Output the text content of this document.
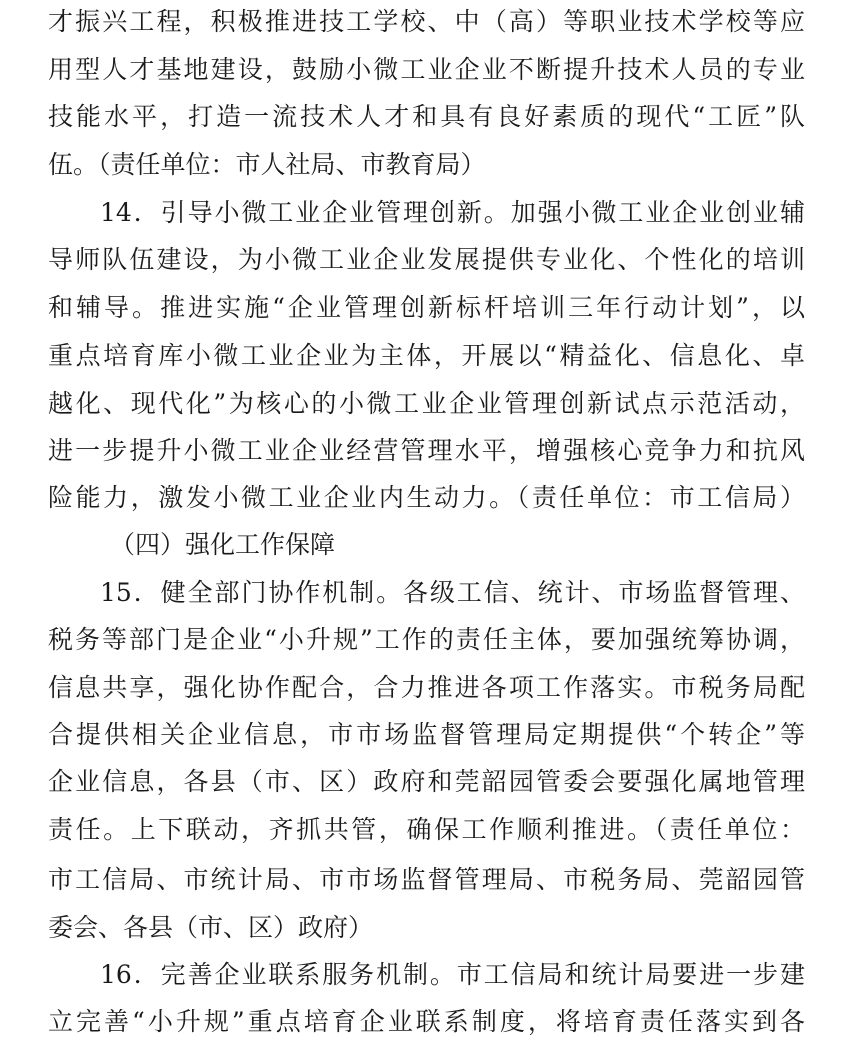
才振兴工程，积极推进技工学校、中（高）等职业技术学校等应
用型人才基地建设，鼓励小微工业企业不断提升技术人员的专业
技能水平，打造一流技术人才和具有良好素质的现代“工匠”队
伍。（责任单位：市人社局、市教育局）
14．引导小微工业企业管理创新。加强小微工业企业创业辅
导师队伍建设，为小微工业企业发展提供专业化、个性化的培训
和辅导。推进实施“企业管理创新标杆培训三年行动计划”，以
重点培育库小微工业企业为主体，开展以“精益化、信息化、卓
越化、现代化”为核心的小微工业企业管理创新试点示范活动，
进一步提升小微工业企业经营管理水平，增强核心竞争力和抗风
险能力，激发小微工业企业内生动力。（责任单位：市工信局）
（四）强化工作保障
15．健全部门协作机制。各级工信、统计、市场监督管理、
税务等部门是企业“小升规”工作的责任主体，要加强统筹协调，
信息共享，强化协作配合，合力推进各项工作落实。市税务局配
合提供相关企业信息，市市场监督管理局定期提供“个转企”等
企业信息，各县（市、区）政府和莞韶园管委会要强化属地管理
责任。上下联动，齐抓共管，确保工作顺利推进。（责任单位：
市工信局、市统计局、市市场监督管理局、市税务局、莞韶园管
委会、各县（市、区）政府）
16．完善企业联系服务机制。市工信局和统计局要进一步建
立完善“小升规”重点培育企业联系制度，将培育责任落实到各
